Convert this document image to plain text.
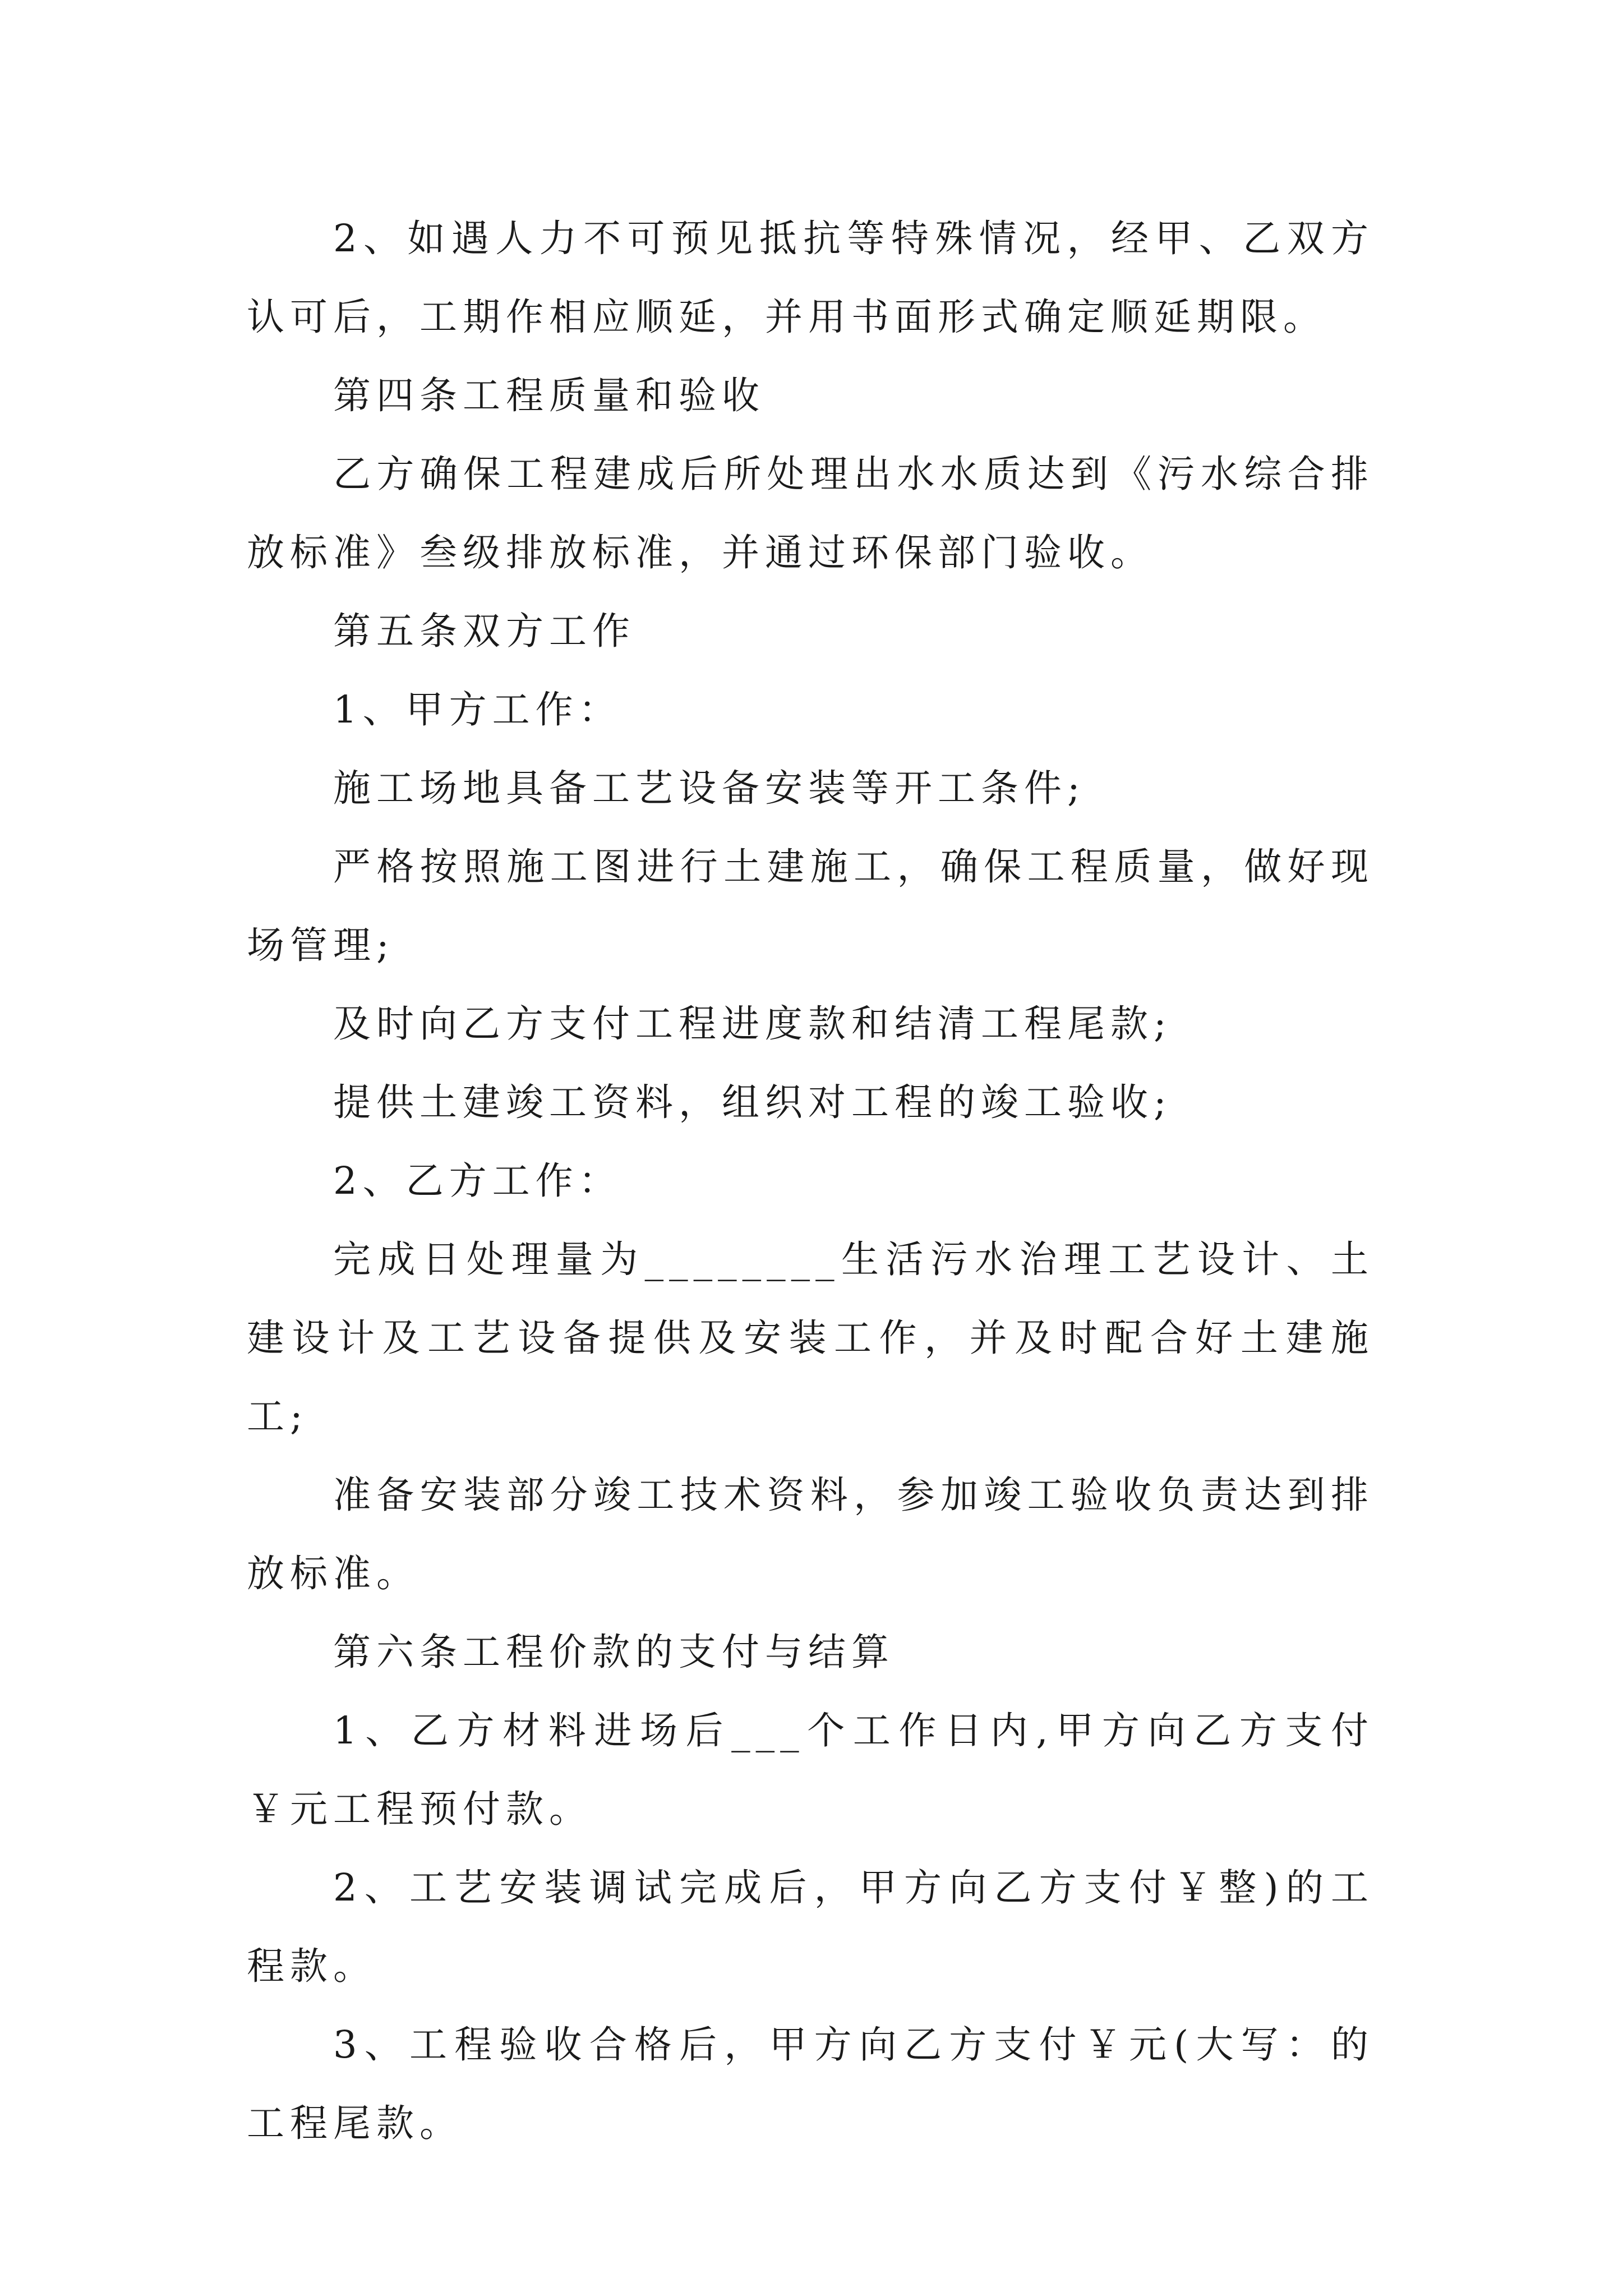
2、如遇人力不可预见抵抗等特殊情况，经甲、乙双方认可后，工期作相应顺延，并用书面形式确定顺延期限。

第四条工程质量和验收

乙方确保工程建成后所处理出水水质达到《污水综合排放标准》叁级排放标准，并通过环保部门验收。

第五条双方工作

1、甲方工作：

施工场地具备工艺设备安装等开工条件;

严格按照施工图进行土建施工，确保工程质量，做好现场管理;

及时向乙方支付工程进度款和结清工程尾款;

提供土建竣工资料，组织对工程的竣工验收;

2、乙方工作：

完成日处理量为________生活污水治理工艺设计、土建设计及工艺设备提供及安装工作，并及时配合好土建施工;

准备安装部分竣工技术资料，参加竣工验收负责达到排放标准。

第六条工程价款的支付与结算

1、乙方材料进场后___个工作日内,甲方向乙方支付￥元工程预付款。

2、工艺安装调试完成后，甲方向乙方支付￥整)的工程款。

3、工程验收合格后，甲方向乙方支付￥元(大写：的工程尾款。
